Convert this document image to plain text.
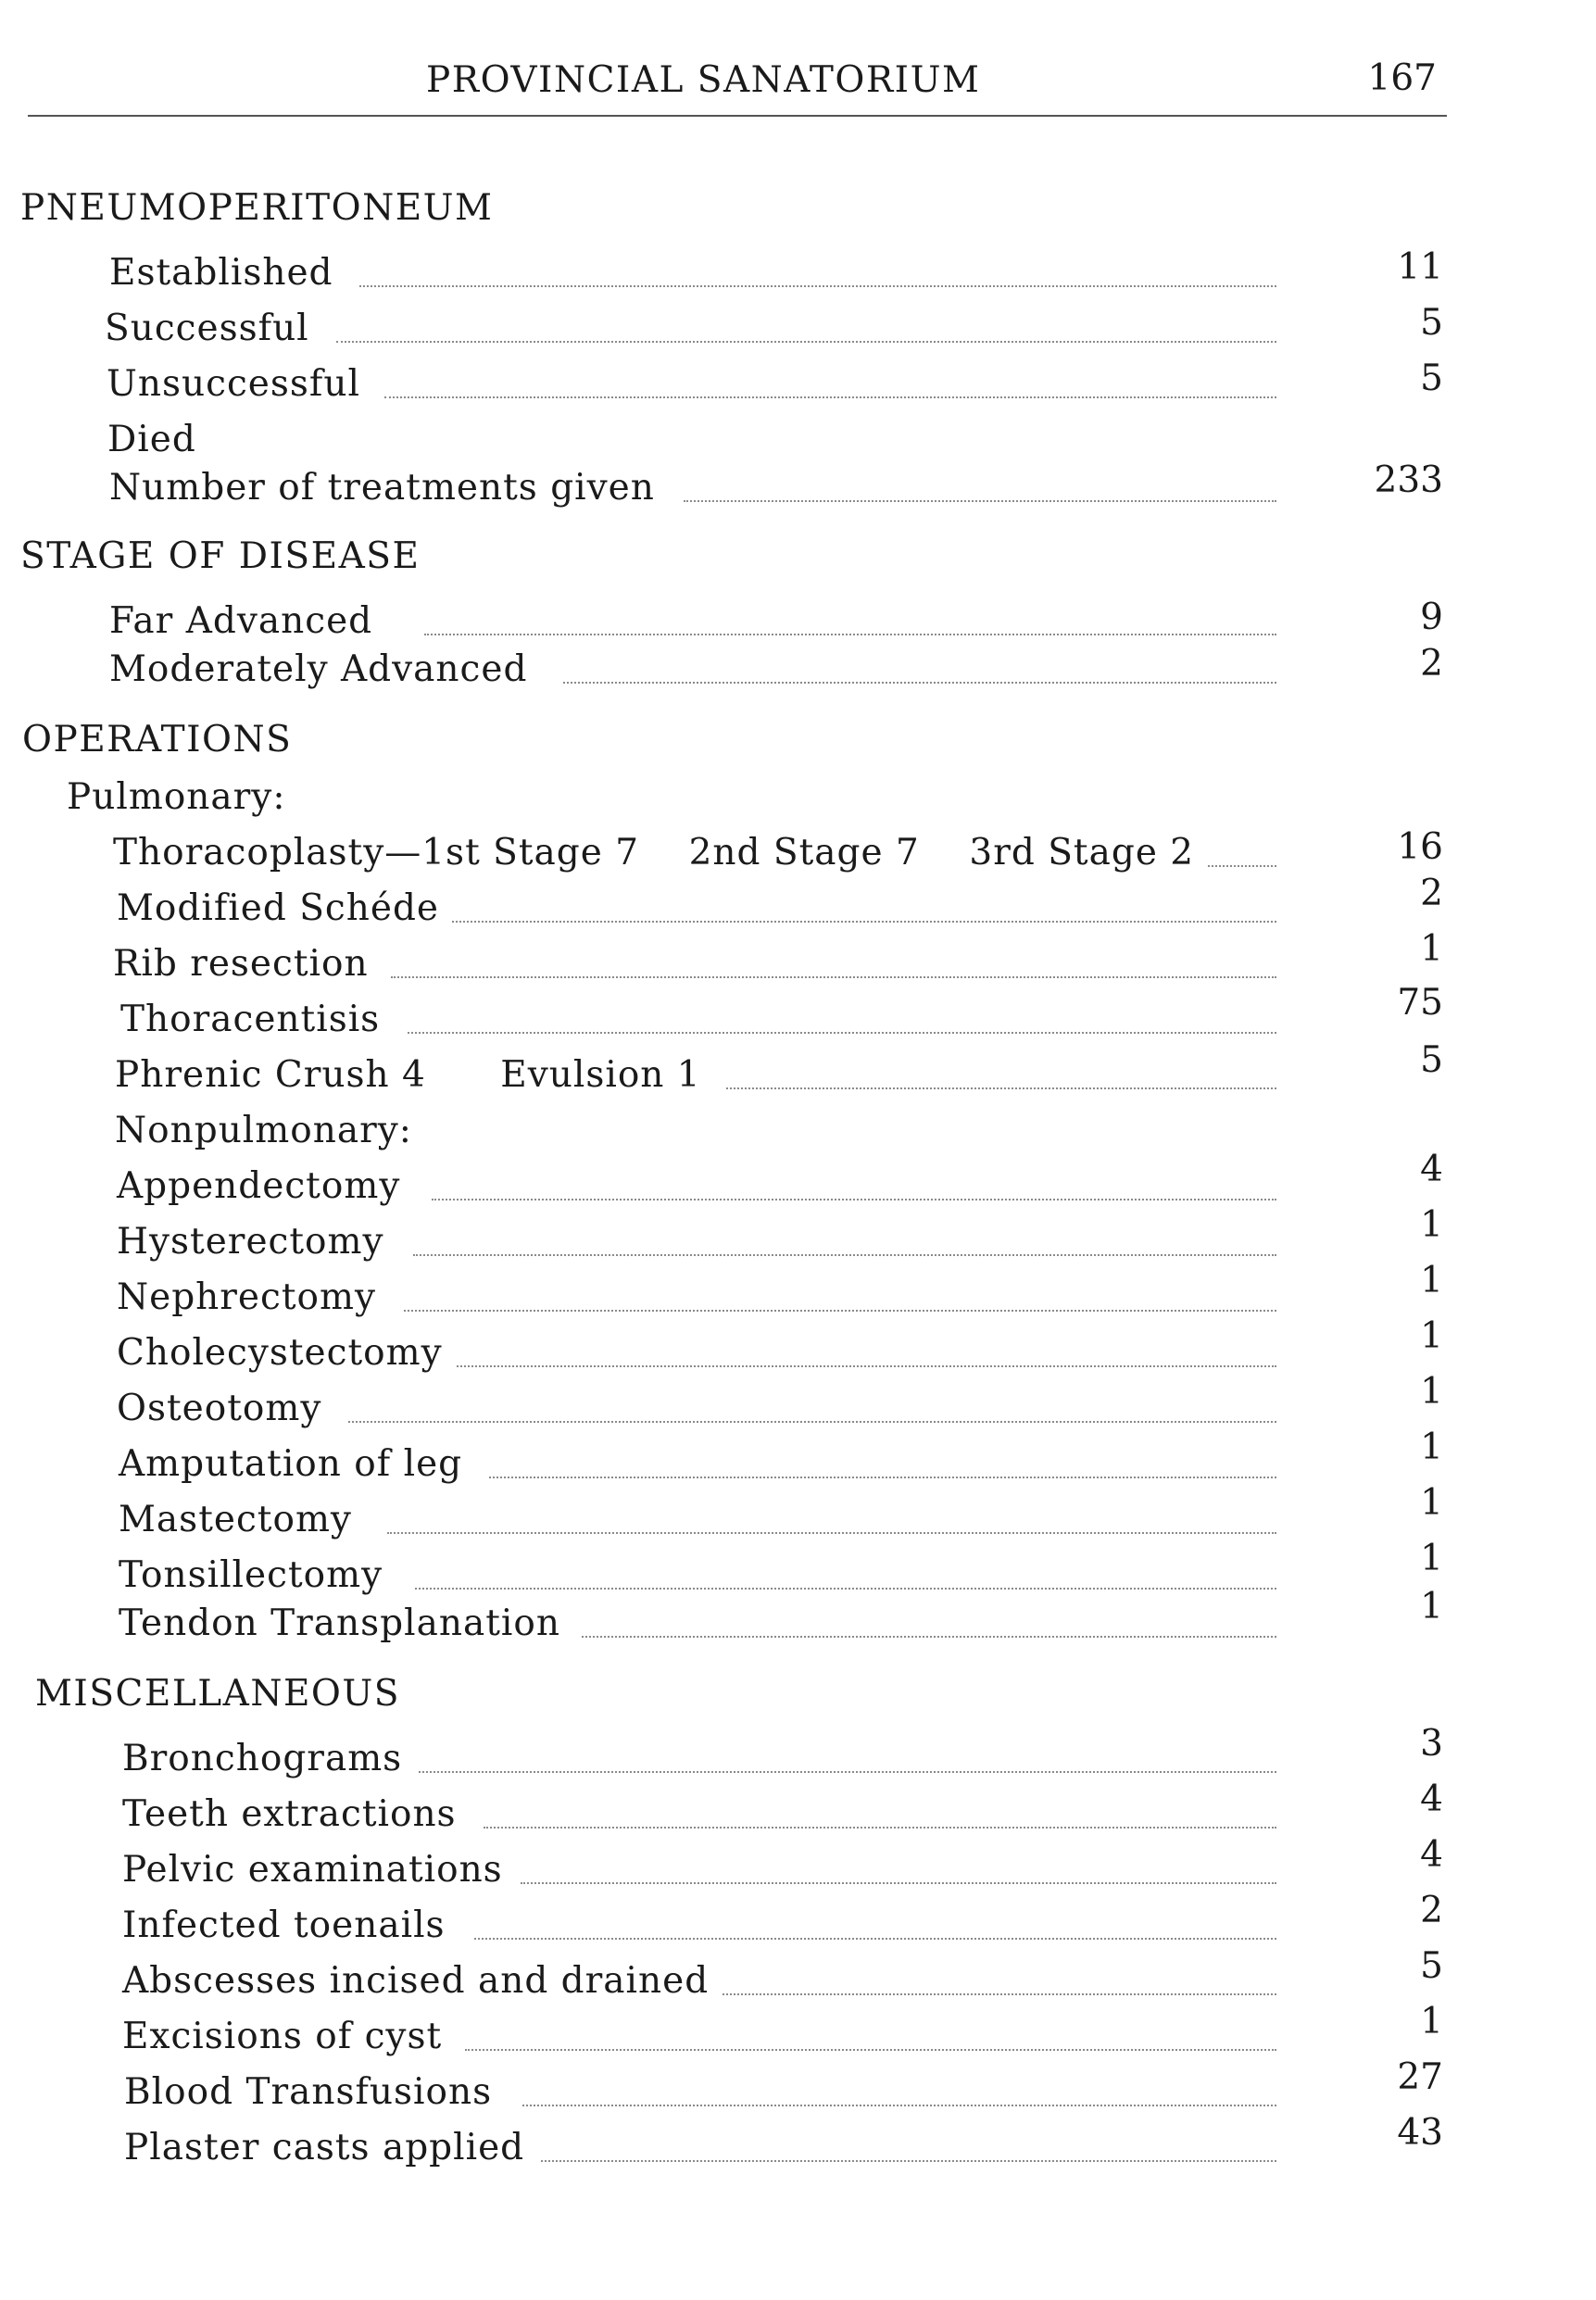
PROVINCIAL SANATORIUM	167
PNEUMOPERITONEUM
Established	11
Successful	5
Unsuccessful	5
Died
Number of treatments given	233
STAGE OF DISEASE
Far Advanced	9
Moderately Advanced	2
OPERATIONS
Pulmonary:
Thoracoplasty—1st Stage 7    2nd Stage 7    3rd Stage 2	16
Modified Schéde	2
Rib resection	1
Thoracentisis	75
Phrenic Crush 4      Evulsion 1	5
Nonpulmonary:
Appendectomy	4
Hysterectomy	1
Nephrectomy	1
Cholecystectomy	1
Osteotomy	1
Amputation of leg	1
Mastectomy	1
Tonsillectomy	1
Tendon Transplanation	1
MISCELLANEOUS
Bronchograms	3
Teeth extractions	4
Pelvic examinations	4
Infected toenails	2
Abscesses incised and drained	5
Excisions of cyst	1
Blood Transfusions	27
Plaster casts applied	43
